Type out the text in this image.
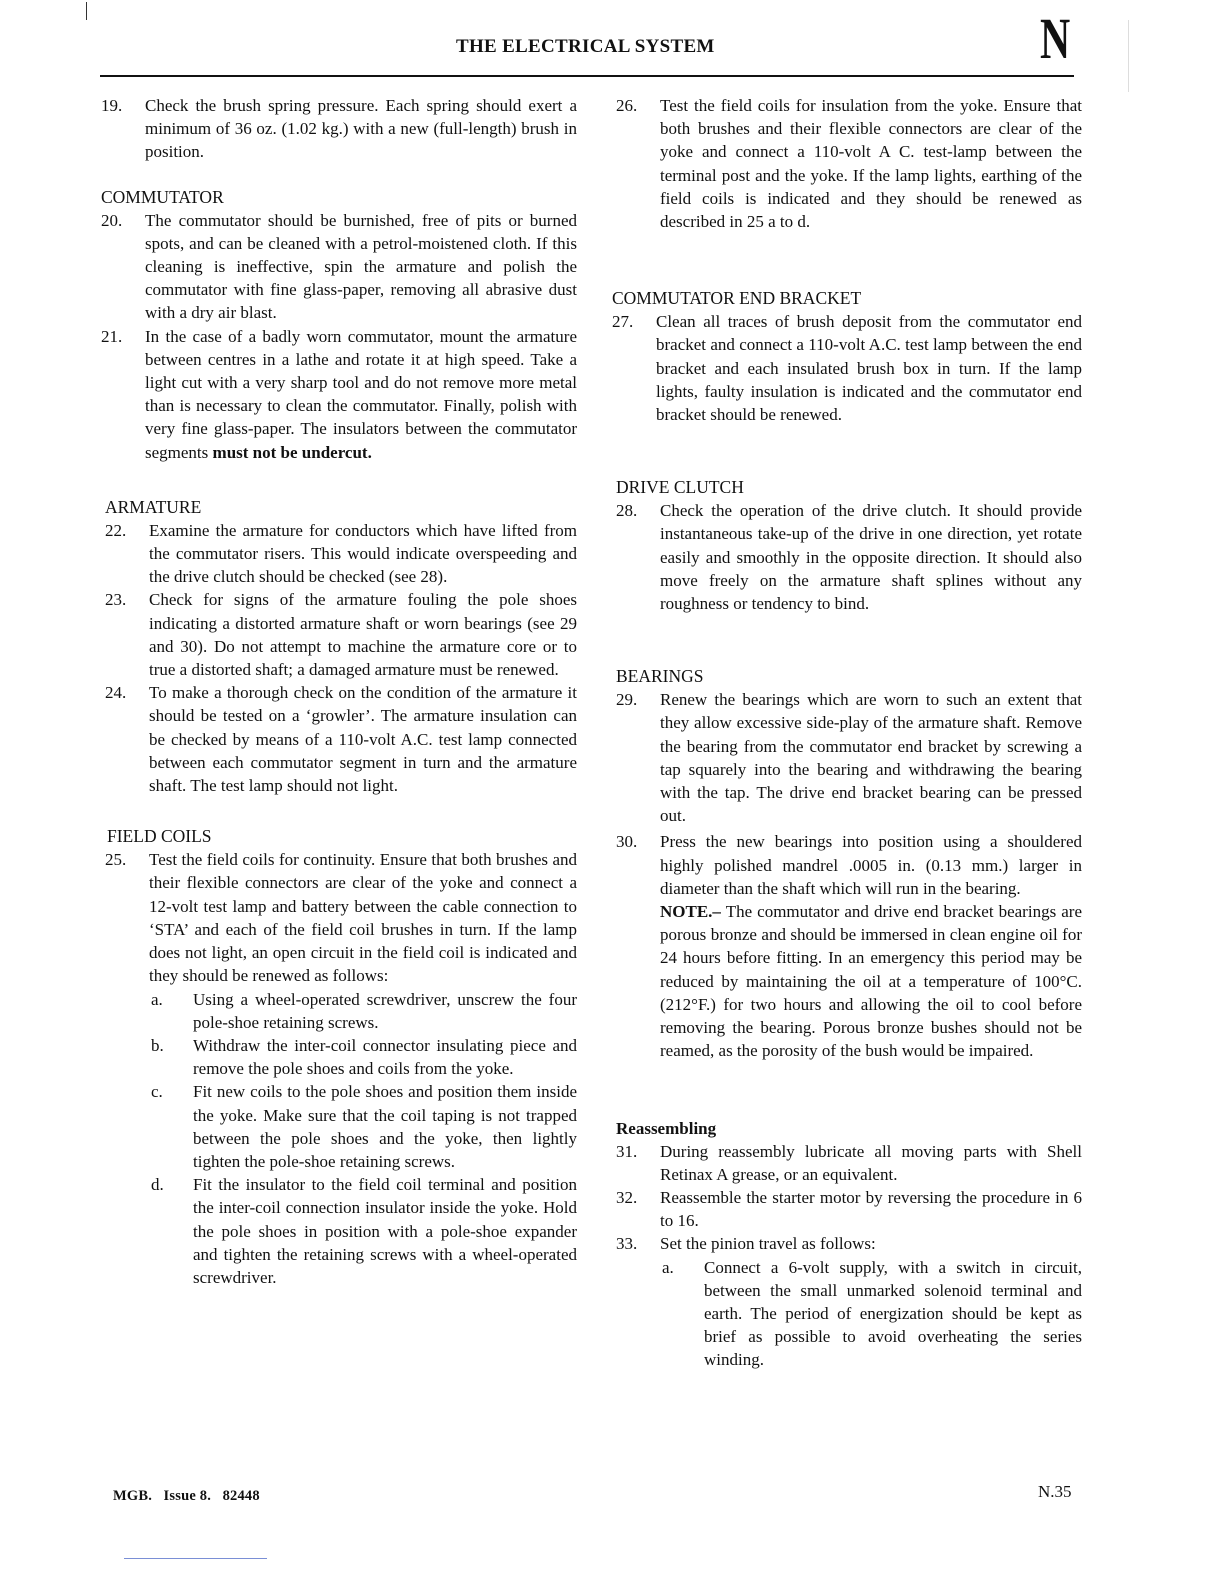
THE ELECTRICAL SYSTEM	N
19.	Check the brush spring pressure. Each spring should exert a minimum of 36 oz. (1.02 kg.) with a new (full-length) brush in position.
COMMUTATOR
20.	The commutator should be burnished, free of pits or burned spots, and can be cleaned with a petrol-moistened cloth. If this cleaning is ineffective, spin the armature and polish the commutator with fine glass-paper, removing all abrasive dust with a dry air blast.
21.	In the case of a badly worn commutator, mount the armature between centres in a lathe and rotate it at high speed. Take a light cut with a very sharp tool and do not remove more metal than is necessary to clean the commutator. Finally, polish with very fine glass-paper. The insulators between the commutator segments must not be undercut.
ARMATURE
22.	Examine the armature for conductors which have lifted from the commutator risers. This would indicate overspeeding and the drive clutch should be checked (see 28).
23.	Check for signs of the armature fouling the pole shoes indicating a distorted armature shaft or worn bearings (see 29 and 30). Do not attempt to machine the armature core or to true a distorted shaft; a damaged armature must be renewed.
24.	To make a thorough check on the condition of the armature it should be tested on a ‘growler’. The armature insulation can be checked by means of a 110-volt A.C. test lamp connected between each commutator segment in turn and the armature shaft. The test lamp should not light.
FIELD COILS
25.	Test the field coils for continuity. Ensure that both brushes and their flexible connectors are clear of the yoke and connect a 12-volt test lamp and battery between the cable connection to ‘STA’ and each of the field coil brushes in turn. If the lamp does not light, an open circuit in the field coil is indicated and they should be renewed as follows:
a.	Using a wheel-operated screwdriver, unscrew the four pole-shoe retaining screws.
b.	Withdraw the inter-coil connector insulating piece and remove the pole shoes and coils from the yoke.
c.	Fit new coils to the pole shoes and position them inside the yoke. Make sure that the coil taping is not trapped between the pole shoes and the yoke, then lightly tighten the pole-shoe retaining screws.
d.	Fit the insulator to the field coil terminal and position the inter-coil connection insulator inside the yoke. Hold the pole shoes in position with a pole-shoe expander and tighten the retaining screws with a wheel-operated screwdriver.
26.	Test the field coils for insulation from the yoke. Ensure that both brushes and their flexible connectors are clear of the yoke and connect a 110-volt A C. test-lamp between the terminal post and the yoke. If the lamp lights, earthing of the field coils is indicated and they should be renewed as described in 25 a to d.
COMMUTATOR END BRACKET
27.	Clean all traces of brush deposit from the commutator end bracket and connect a 110-volt A.C. test lamp between the end bracket and each insulated brush box in turn. If the lamp lights, faulty insulation is indicated and the commutator end bracket should be renewed.
DRIVE CLUTCH
28.	Check the operation of the drive clutch. It should provide instantaneous take-up of the drive in one direction, yet rotate easily and smoothly in the opposite direction. It should also move freely on the armature shaft splines without any roughness or tendency to bind.
BEARINGS
29.	Renew the bearings which are worn to such an extent that they allow excessive side-play of the armature shaft. Remove the bearing from the commutator end bracket by screwing a tap squarely into the bearing and withdrawing the bearing with the tap. The drive end bracket bearing can be pressed out.
30.	Press the new bearings into position using a shouldered highly polished mandrel .0005 in. (0.13 mm.) larger in diameter than the shaft which will run in the bearing.
NOTE.– The commutator and drive end bracket bearings are porous bronze and should be immersed in clean engine oil for 24 hours before fitting. In an emergency this period may be reduced by maintaining the oil at a temperature of 100°C. (212°F.) for two hours and allowing the oil to cool before removing the bearing. Porous bronze bushes should not be reamed, as the porosity of the bush would be impaired.
Reassembling
31.	During reassembly lubricate all moving parts with Shell Retinax A grease, or an equivalent.
32.	Reassemble the starter motor by reversing the procedure in 6 to 16.
33.	Set the pinion travel as follows:
a.	Connect a 6-volt supply, with a switch in circuit, between the small unmarked solenoid terminal and earth. The period of energization should be kept as brief as possible to avoid overheating the series winding.
MGB. Issue 8. 82448	N.35
